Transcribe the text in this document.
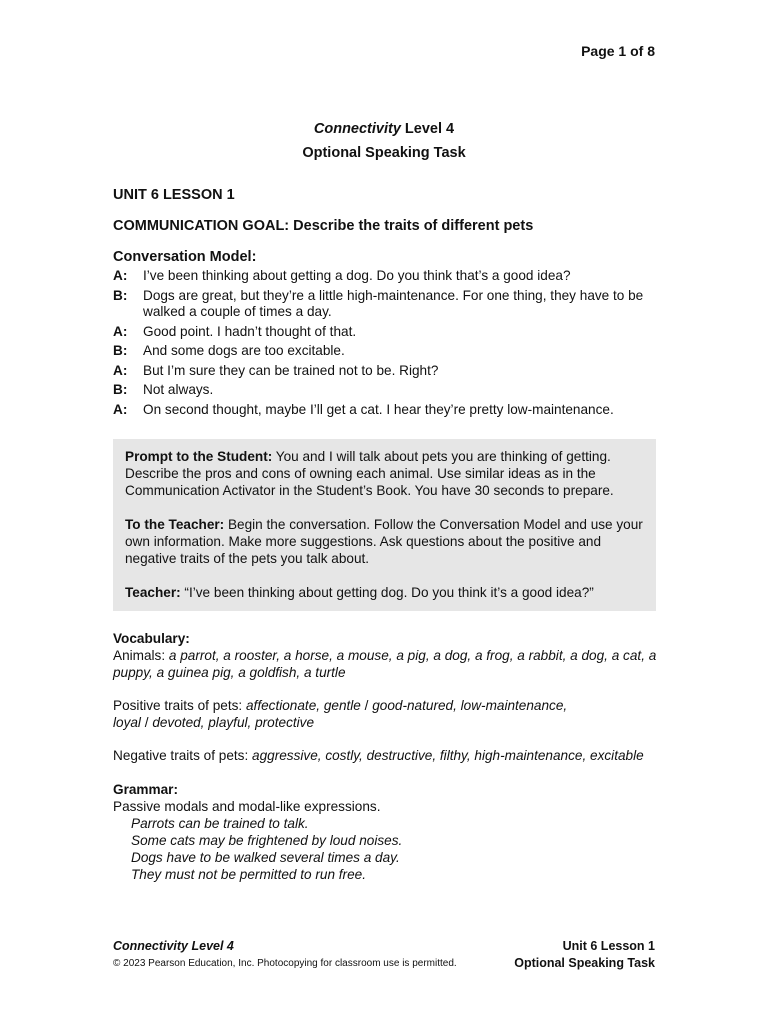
Page 1 of 8
Connectivity Level 4
Optional Speaking Task
UNIT 6 LESSON 1
COMMUNICATION GOAL: Describe the traits of different pets
Conversation Model:
A:	I’ve been thinking about getting a dog. Do you think that’s a good idea?
B:	Dogs are great, but they’re a little high-maintenance. For one thing, they have to be walked a couple of times a day.
A:	Good point. I hadn’t thought of that.
B:	And some dogs are too excitable.
A:	But I’m sure they can be trained not to be. Right?
B:	Not always.
A:	On second thought, maybe I’ll get a cat. I hear they’re pretty low-maintenance.

Prompt to the Student: You and I will talk about pets you are thinking of getting. Describe the pros and cons of owning each animal. Use similar ideas as in the Communication Activator in the Student’s Book. You have 30 seconds to prepare.

To the Teacher: Begin the conversation. Follow the Conversation Model and use your own information. Make more suggestions. Ask questions about the positive and negative traits of the pets you talk about.

Teacher: “I’ve been thinking about getting dog. Do you think it’s a good idea?”

Vocabulary:
Animals: a parrot, a rooster, a horse, a mouse, a pig, a dog, a frog, a rabbit, a dog, a cat, a puppy, a guinea pig, a goldfish, a turtle
Positive traits of pets: affectionate, gentle / good-natured, low-maintenance,
loyal / devoted, playful, protective
Negative traits of pets: aggressive, costly, destructive, filthy, high-maintenance, excitable
Grammar:
Passive modals and modal-like expressions.
Parrots can be trained to talk.
Some cats may be frightened by loud noises.
Dogs have to be walked several times a day.
They must not be permitted to run free.
Connectivity Level 4
© 2023 Pearson Education, Inc. Photocopying for classroom use is permitted.
Unit 6 Lesson 1
Optional Speaking Task
